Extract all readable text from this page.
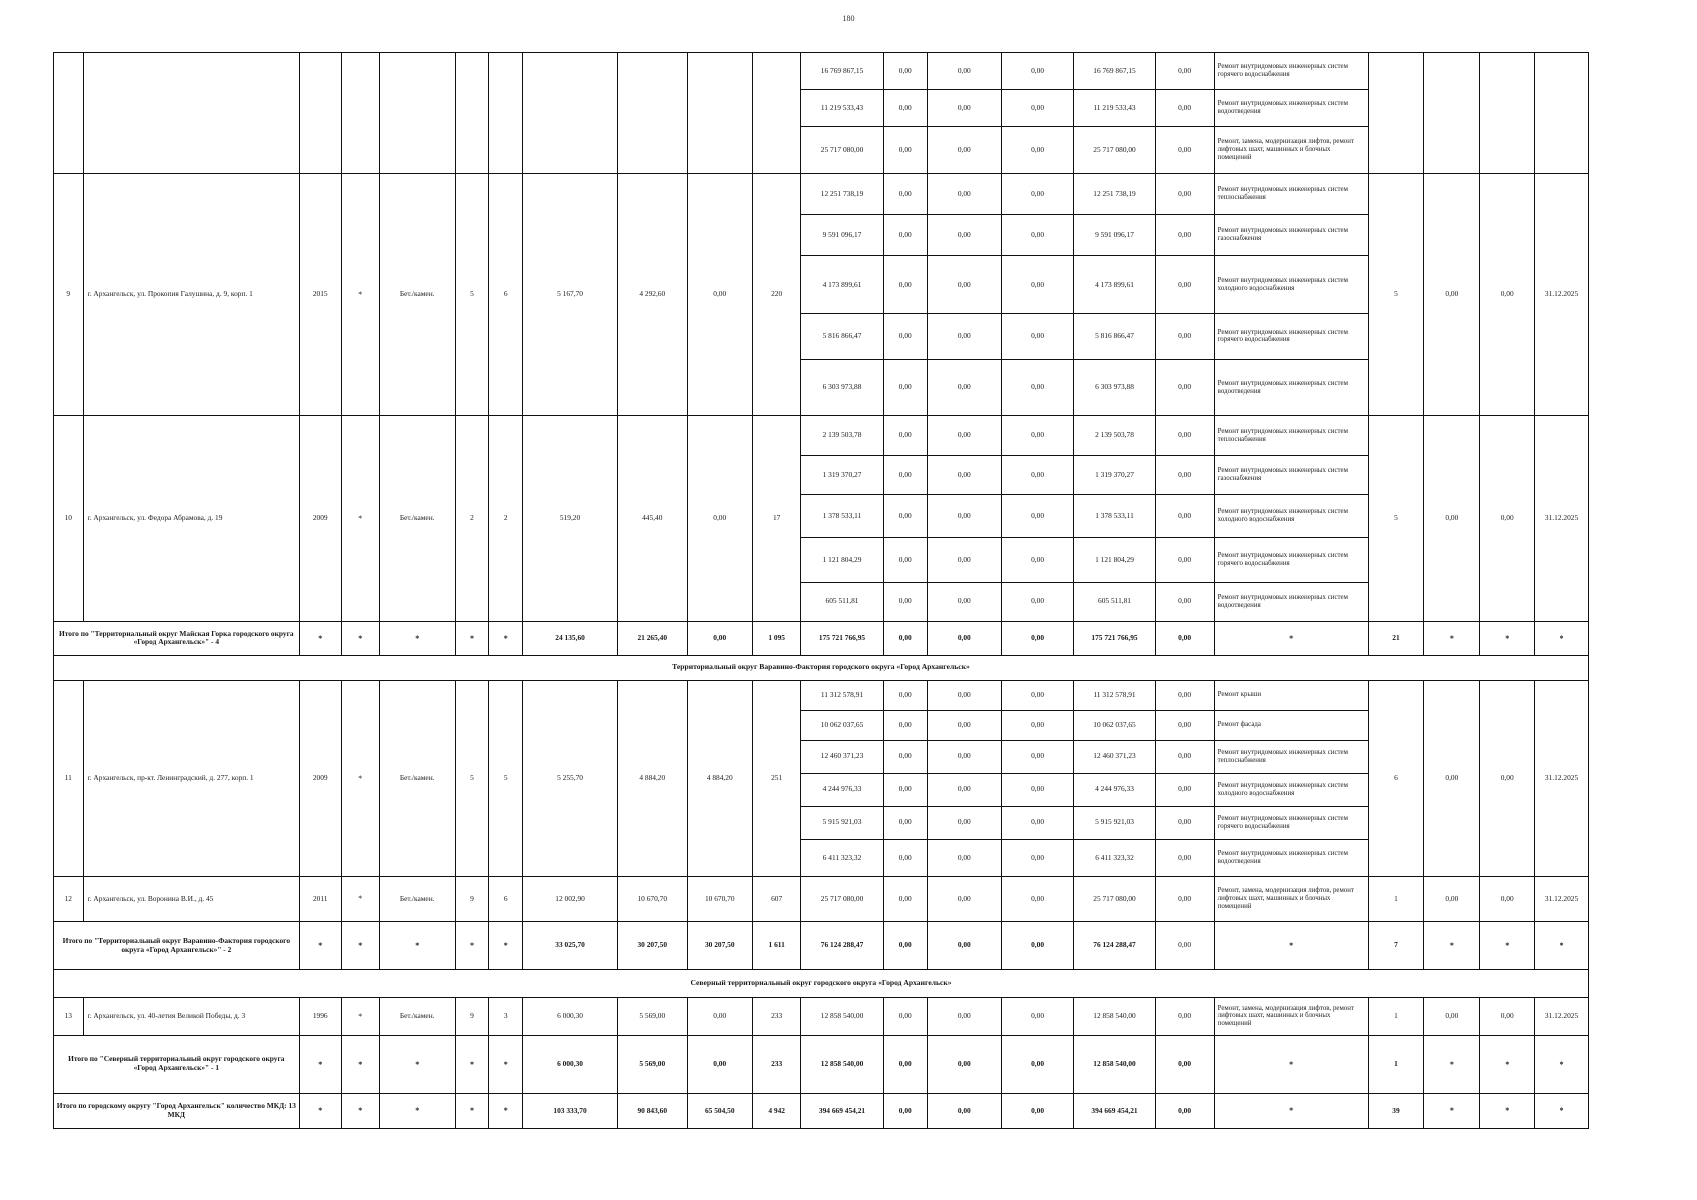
180
											16 769 867,15	0,00	0,00	0,00	16 769 867,15	0,00	Ремонт внутридомовых инженерных систем горячего водоснабжения				
											11 219 533,43	0,00	0,00	0,00	11 219 533,43	0,00	Ремонт внутридомовых инженерных систем водоотведения				
											25 717 080,00	0,00	0,00	0,00	25 717 080,00	0,00	Ремонт, замена, модернизация лифтов, ремонт лифтовых шахт, машинных и блочных помещений				
9	г. Архангельск, ул. Прокопия Галушина, д. 9, корп. 1	2015	*	Бет./камен.	5	6	5 167,70	4 292,60	0,00	220	12 251 738,19	0,00	0,00	0,00	12 251 738,19	0,00	Ремонт внутридомовых инженерных систем теплоснабжения	5	0,00	0,00	31.12.2025
											9 591 096,17	0,00	0,00	0,00	9 591 096,17	0,00	Ремонт внутридомовых инженерных систем газоснабжения				
											4 173 899,61	0,00	0,00	0,00	4 173 899,61	0,00	Ремонт внутридомовых инженерных систем холодного водоснабжения				
											5 816 866,47	0,00	0,00	0,00	5 816 866,47	0,00	Ремонт внутридомовых инженерных систем горячего водоснабжения				
											6 303 973,88	0,00	0,00	0,00	6 303 973,88	0,00	Ремонт внутридомовых инженерных систем водоотведения				
10	г. Архангельск, ул. Федора Абрамова, д. 19	2009	*	Бет./камен.	2	2	519,20	445,40	0,00	17	2 139 503,78	0,00	0,00	0,00	2 139 503,78	0,00	Ремонт внутридомовых инженерных систем теплоснабжения	5	0,00	0,00	31.12.2025
											1 319 370,27	0,00	0,00	0,00	1 319 370,27	0,00	Ремонт внутридомовых инженерных систем газоснабжения				
											1 378 533,11	0,00	0,00	0,00	1 378 533,11	0,00	Ремонт внутридомовых инженерных систем холодного водоснабжения				
											1 121 804,29	0,00	0,00	0,00	1 121 804,29	0,00	Ремонт внутридомовых инженерных систем горячего водоснабжения				
											605 511,81	0,00	0,00	0,00	605 511,81	0,00	Ремонт внутридомовых инженерных систем водоотведения				
Итого по "Территориальный округ Майская Горка городского округа «Город Архангельск»" - 4		*	*	*	*	*	24 135,60	21 265,40	0,00	1 095	175 721 766,95	0,00	0,00	0,00	175 721 766,95	0,00	*	21	*	*	*
Территориальный округ Варавино-Фактория городского округа «Город Архангельск»																					
11	г. Архангельск, пр-кт. Ленинградский, д. 277, корп. 1	2009	*	Бет./камен.	5	5	5 255,70	4 884,20	4 884,20	251	11 312 578,91	0,00	0,00	0,00	11 312 578,91	0,00	Ремонт крыши	6	0,00	0,00	31.12.2025
											10 062 037,65	0,00	0,00	0,00	10 062 037,65	0,00	Ремонт фасада				
											12 460 371,23	0,00	0,00	0,00	12 460 371,23	0,00	Ремонт внутридомовых инженерных систем теплоснабжения				
											4 244 976,33	0,00	0,00	0,00	4 244 976,33	0,00	Ремонт внутридомовых инженерных систем холодного водоснабжения				
											5 915 921,03	0,00	0,00	0,00	5 915 921,03	0,00	Ремонт внутридомовых инженерных систем горячего водоснабжения				
											6 411 323,32	0,00	0,00	0,00	6 411 323,32	0,00	Ремонт внутридомовых инженерных систем водоотведения				
12	г. Архангельск, ул. Воронина В.И., д. 45	2011	*	Бет./камен.	9	6	12 002,90	10 670,70	10 670,70	607	25 717 080,00	0,00	0,00	0,00	25 717 080,00	0,00	Ремонт, замена, модернизация лифтов, ремонт лифтовых шахт, машинных и блочных помещений	1	0,00	0,00	31.12.2025
Итого по "Территориальный округ Варавино-Фактория городского округа «Город Архангельск»" - 2		*	*	*	*	*	33 025,70	30 207,50	30 207,50	1 611	76 124 288,47	0,00	0,00	0,00	76 124 288,47	0,00	*	7	*	*	*
Северный территориальный округ городского округа «Город Архангельск»																					
13	г. Архангельск, ул. 40-летия Великой Победы, д. 3	1996	*	Бет./камен.	9	3	6 000,30	5 569,00	0,00	233	12 858 540,00	0,00	0,00	0,00	12 858 540,00	0,00	Ремонт, замена, модернизация лифтов, ремонт лифтовых шахт, машинных и блочных помещений	1	0,00	0,00	31.12.2025
Итого по "Северный территориальный округ городского округа «Город Архангельск»" - 1		*	*	*	*	*	6 000,30	5 569,00	0,00	233	12 858 540,00	0,00	0,00	0,00	12 858 540,00	0,00	*	1	*	*	*
Итого по городскому округу "Город Архангельск" количество МКД: 13 МКД		*	*	*	*	*	103 333,70	90 843,60	65 504,50	4 942	394 669 454,21	0,00	0,00	0,00	394 669 454,21	0,00	*	39	*	*	*
